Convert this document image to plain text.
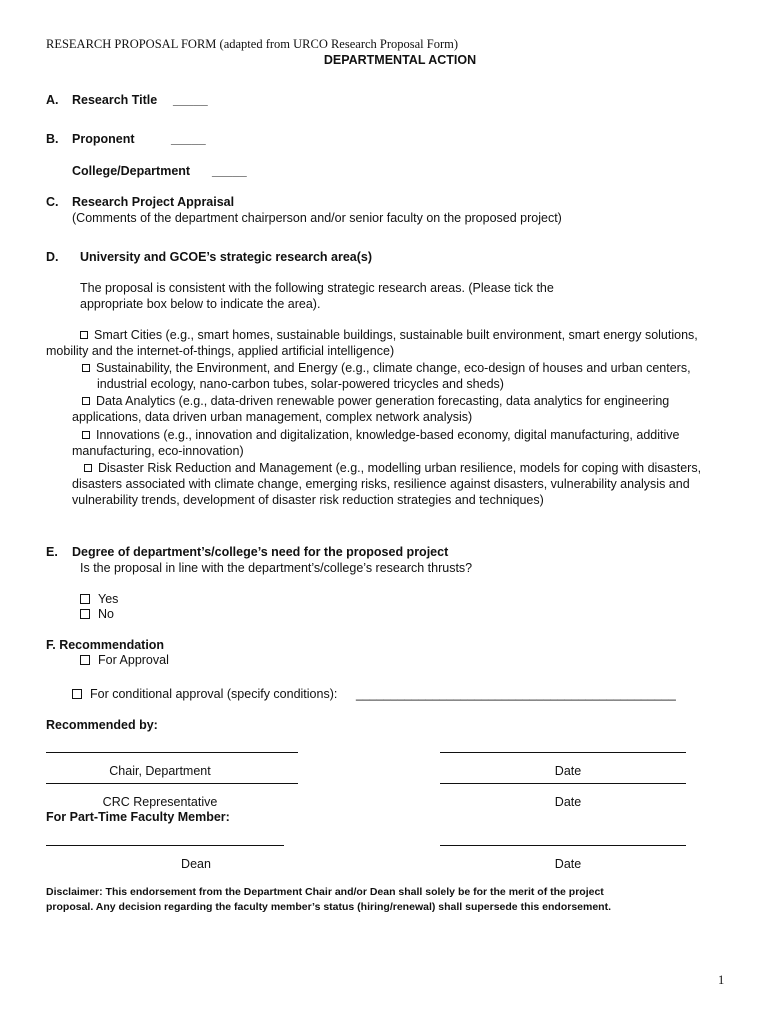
RESEARCH PROPOSAL FORM (adapted from URCO Research Proposal Form)
DEPARTMENTAL ACTION
A. Research Title _____
B. Proponent	_____
College/Department _____
C. Research Project Appraisal
(Comments of the department chairperson and/or senior faculty on the proposed project)
D. University and GCOE’s strategic research area(s)
The proposal is consistent with the following strategic research areas. (Please tick the
appropriate box below to indicate the area).
Smart Cities (e.g., smart homes, sustainable buildings, sustainable built environment, smart energy solutions,
mobility and the internet-of-things, applied artificial intelligence)
Sustainability, the Environment, and Energy (e.g., climate change, eco-design of houses and urban centers,
industrial ecology, nano-carbon tubes, solar-powered tricycles and sheds)
Data Analytics (e.g., data-driven renewable power generation forecasting, data analytics for engineering
applications, data driven urban management, complex network analysis)
Innovations (e.g., innovation and digitalization, knowledge-based economy, digital manufacturing, additive
manufacturing, eco-innovation)
Disaster Risk Reduction and Management (e.g., modelling urban resilience, models for coping with disasters,
disasters associated with climate change, emerging risks, resilience against disasters, vulnerability analysis and
vulnerability trends, development of disaster risk reduction strategies and techniques)
E. Degree of department’s/college’s need for the proposed project
Is the proposal in line with the department’s/college’s research thrusts?
Yes
No
F. Recommendation
For Approval
For conditional approval (specify conditions): ______________________________________________
Recommended by:
Chair, Department	Date
CRC Representative	Date
For Part-Time Faculty Member:
Dean	Date
Disclaimer: This endorsement from the Department Chair and/or Dean shall solely be for the merit of the project
proposal. Any decision regarding the faculty member’s status (hiring/renewal) shall supersede this endorsement.
1
